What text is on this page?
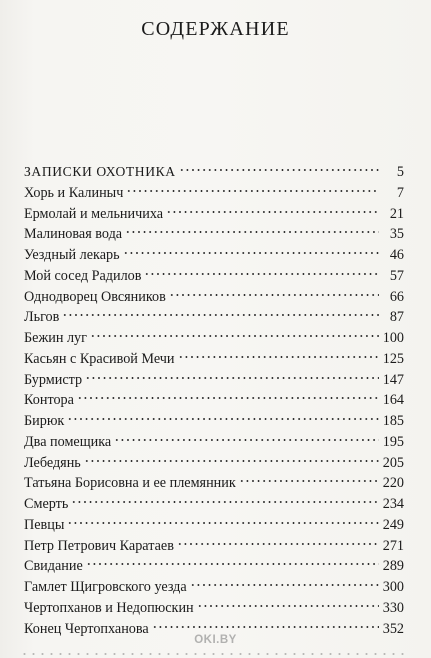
СОДЕРЖАНИЕ
ЗАПИСКИ ОХОТНИКА	5
Хорь и Калиныч	7
Ермолай и мельничиха	21
Малиновая вода	35
Уездный лекарь	46
Мой сосед Радилов	57
Однодворец Овсяников	66
Льгов	87
Бежин луг	100
Касьян с Красивой Мечи	125
Бурмистр	147
Контора	164
Бирюк	185
Два помещика	195
Лебедянь	205
Татьяна Борисовна и ее племянник	220
Смерть	234
Певцы	249
Петр Петрович Каратаев	271
Свидание	289
Гамлет Щигровского уезда	300
Чертопханов и Недопюскин	330
Конец Чертопханова	352
OKI.BY
